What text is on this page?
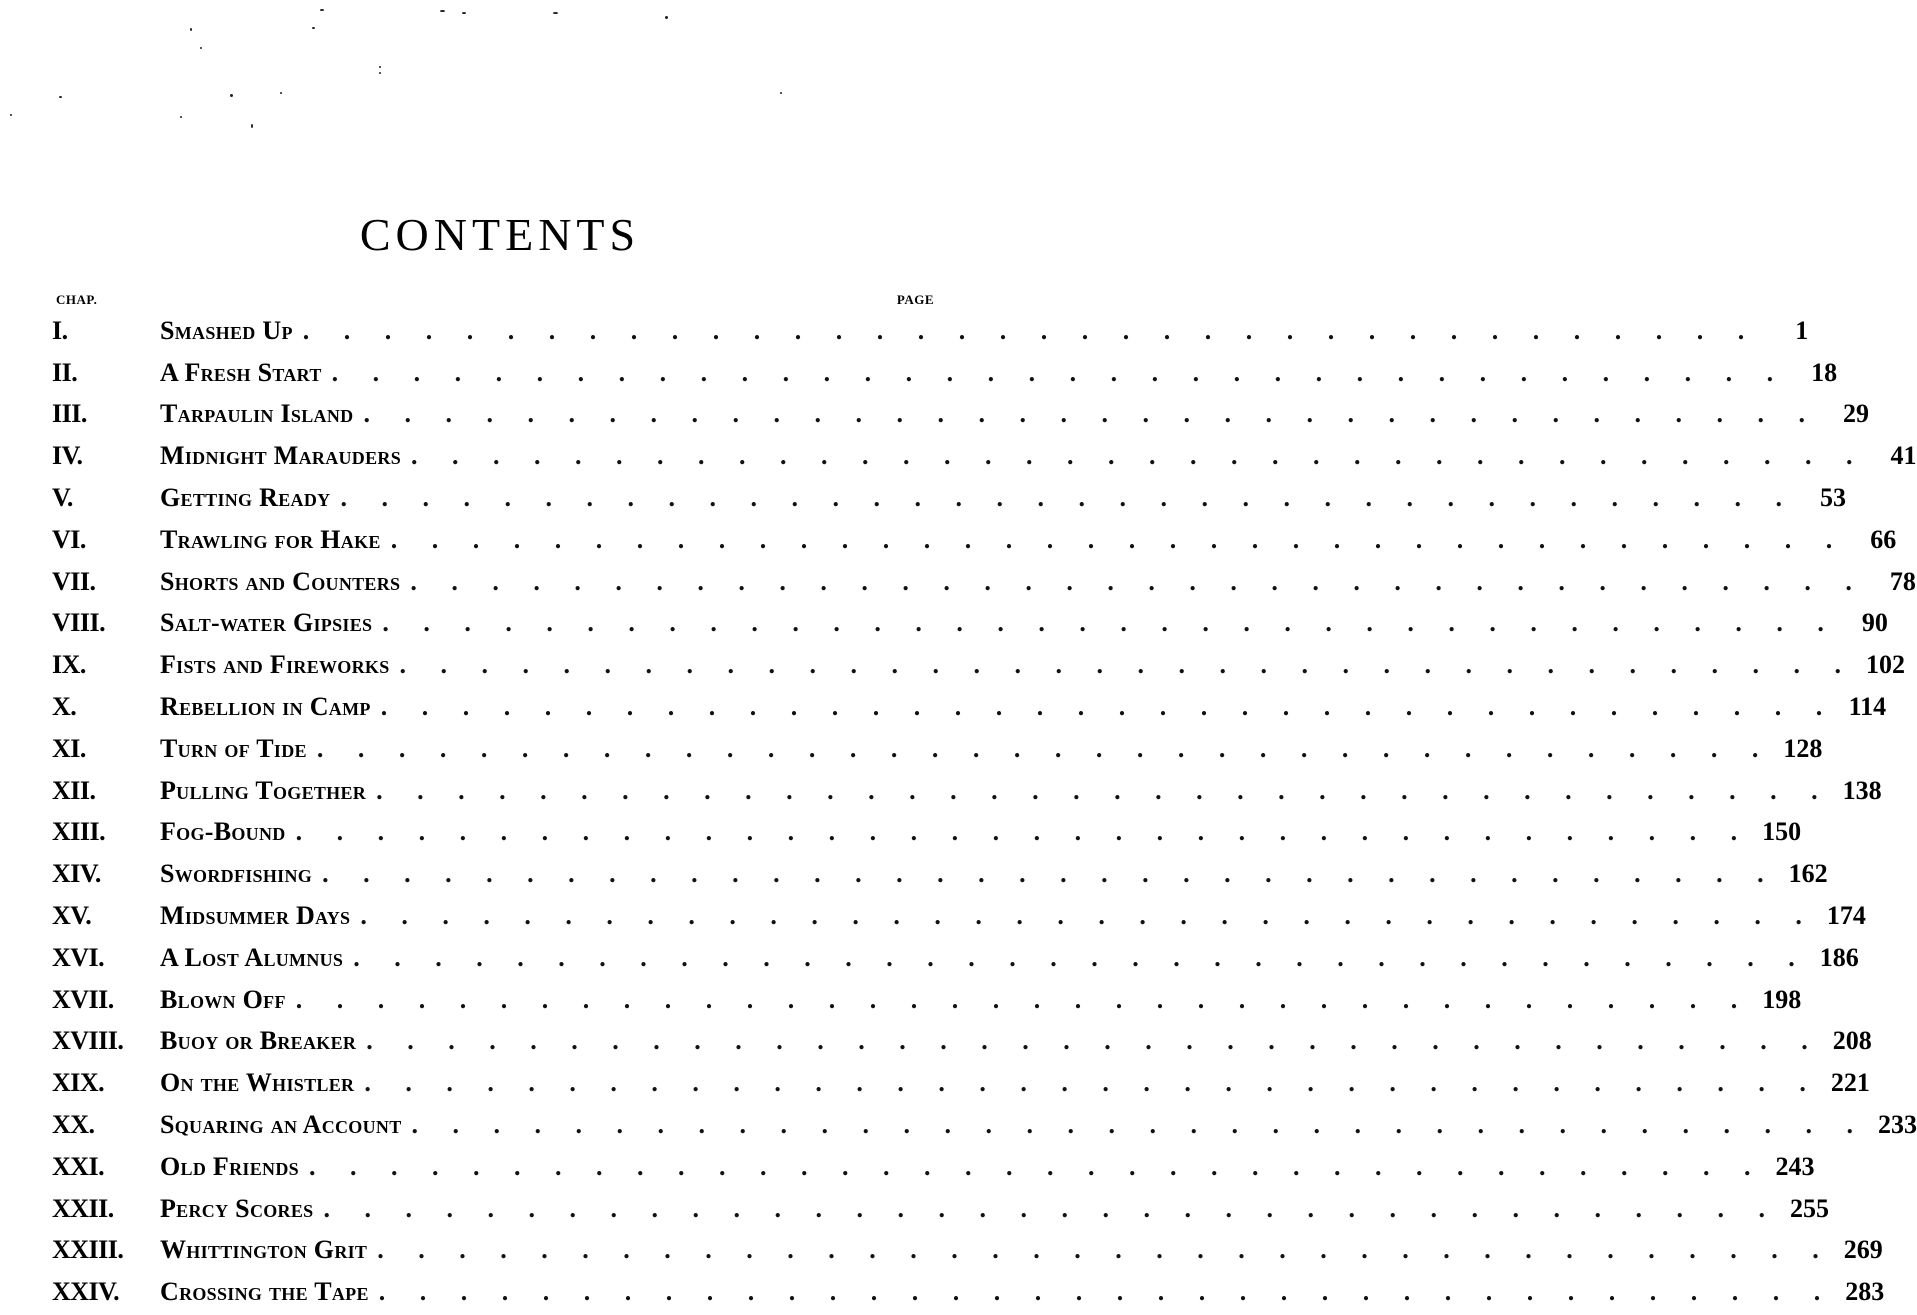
CONTENTS
CHAP.	PAGE
I.	Smashed Up . . . . . . . . . . . . . . . . . . . . . . . . . . . . . . . . . . . .	1
II.	A Fresh Start . . . . . . . . . . . . . . . . . . . . . . . . . . . . . . . . . . . . 18
III.	Tarpaulin Island . . . . . . . . . . . . . . . . . . . . . . . . . . . . . . . . . . . . 29
IV.	Midnight Marauders . . . . . . . . . . . . . . . . . . . . . . . . . . . . . . . . . . . . 41
V.	Getting Ready . . . . . . . . . . . . . . . . . . . . . . . . . . . . . . . . . . . . 53
VI.	Trawling for Hake . . . . . . . . . . . . . . . . . . . . . . . . . . . . . . . . . . . . 66
VII.	Shorts and Counters . . . . . . . . . . . . . . . . . . . . . . . . . . . . . . . . . . . . 78
VIII.	Salt-water Gipsies . . . . . . . . . . . . . . . . . . . . . . . . . . . . . . . . . . . . 90
IX.	Fists and Fireworks . . . . . . . . . . . . . . . . . . . . . . . . . . . . . . . . . . . . 102
X.	Rebellion in Camp . . . . . . . . . . . . . . . . . . . . . . . . . . . . . . . . . . . . 114
XI.	Turn of Tide . . . . . . . . . . . . . . . . . . . . . . . . . . . . . . . . . . . . 128
XII.	Pulling Together . . . . . . . . . . . . . . . . . . . . . . . . . . . . . . . . . . . . 138
XIII.	Fog-Bound . . . . . . . . . . . . . . . . . . . . . . . . . . . . . . . . . . . . 150
XIV.	Swordfishing . . . . . . . . . . . . . . . . . . . . . . . . . . . . . . . . . . . . 162
XV.	Midsummer Days . . . . . . . . . . . . . . . . . . . . . . . . . . . . . . . . . . . . 174
XVI.	A Lost Alumnus . . . . . . . . . . . . . . . . . . . . . . . . . . . . . . . . . . . . 186
XVII.	Blown Off . . . . . . . . . . . . . . . . . . . . . . . . . . . . . . . . . . . . 198
XVIII.	Buoy or Breaker . . . . . . . . . . . . . . . . . . . . . . . . . . . . . . . . . . . . 208
XIX.	On the Whistler . . . . . . . . . . . . . . . . . . . . . . . . . . . . . . . . . . . . 221
XX.	Squaring an Account . . . . . . . . . . . . . . . . . . . . . . . . . . . . . . . . . . . . 233
XXI.	Old Friends . . . . . . . . . . . . . . . . . . . . . . . . . . . . . . . . . . . . 243
XXII.	Percy Scores . . . . . . . . . . . . . . . . . . . . . . . . . . . . . . . . . . . . 255
XXIII.	Whittington Grit . . . . . . . . . . . . . . . . . . . . . . . . . . . . . . . . . . . . 269
XXIV.	Crossing the Tape . . . . . . . . . . . . . . . . . . . . . . . . . . . . . . . . . . . . 283
